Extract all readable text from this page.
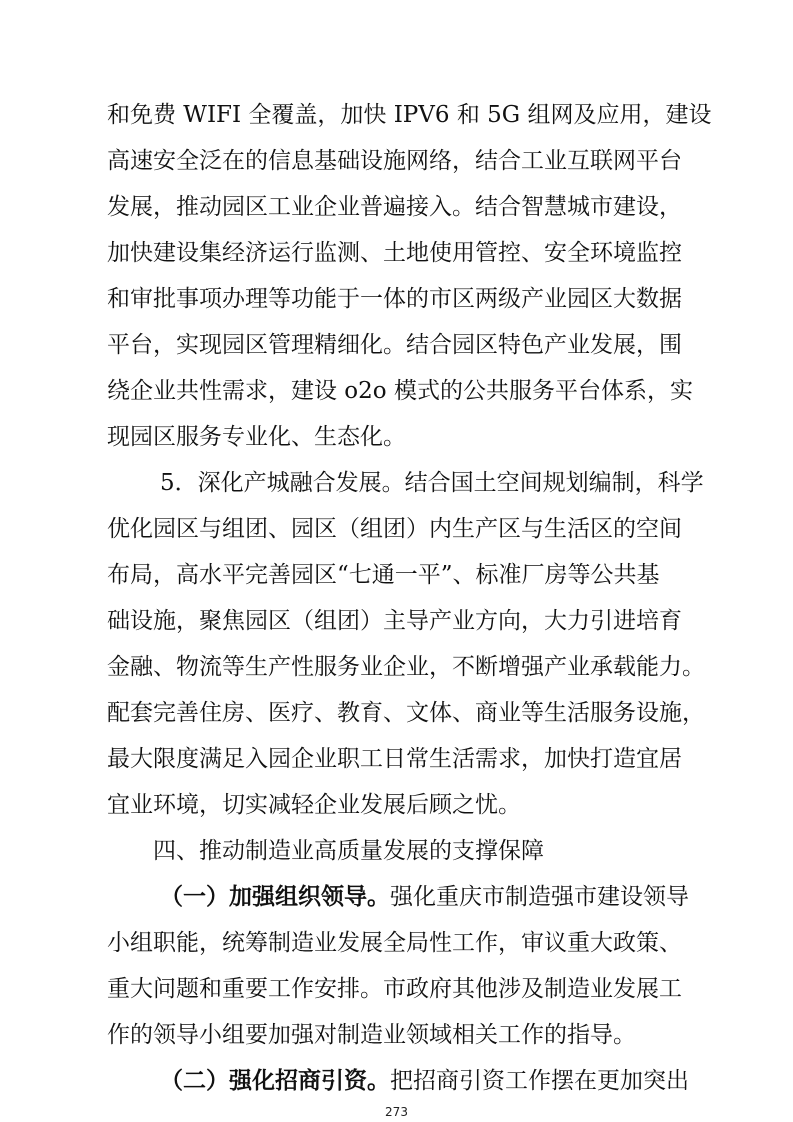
和免费 WIFI 全覆盖，加快 IPV6 和 5G 组网及应用，建设
高速安全泛在的信息基础设施网络，结合工业互联网平台
发展，推动园区工业企业普遍接入。结合智慧城市建设，
加快建设集经济运行监测、土地使用管控、安全环境监控
和审批事项办理等功能于一体的市区两级产业园区大数据
平台，实现园区管理精细化。结合园区特色产业发展，围
绕企业共性需求，建设 o2o 模式的公共服务平台体系，实
现园区服务专业化、生态化。
5．深化产城融合发展。结合国土空间规划编制，科学
优化园区与组团、园区（组团）内生产区与生活区的空间
布局，高水平完善园区“七通一平”、标准厂房等公共基
础设施，聚焦园区（组团）主导产业方向，大力引进培育
金融、物流等生产性服务业企业，不断增强产业承载能力。
配套完善住房、医疗、教育、文体、商业等生活服务设施，
最大限度满足入园企业职工日常生活需求，加快打造宜居
宜业环境，切实减轻企业发展后顾之忧。
四、推动制造业高质量发展的支撑保障
（一）加强组织领导。强化重庆市制造强市建设领导
小组职能，统筹制造业发展全局性工作，审议重大政策、
重大问题和重要工作安排。市政府其他涉及制造业发展工
作的领导小组要加强对制造业领域相关工作的指导。
（二）强化招商引资。把招商引资工作摆在更加突出
273
